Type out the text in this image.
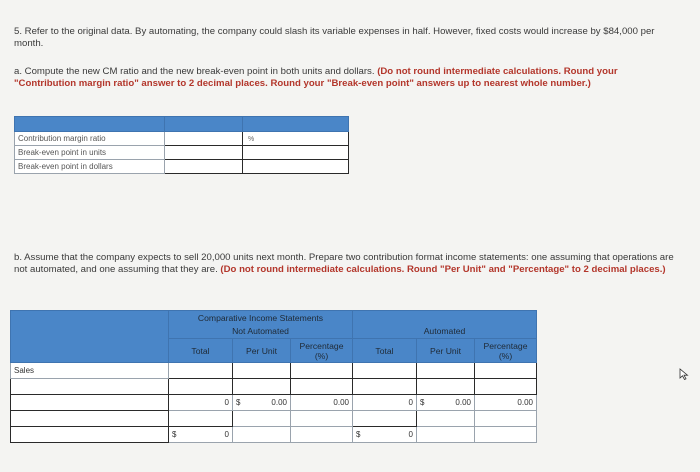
5. Refer to the original data. By automating, the company could slash its variable expenses in half. However, fixed costs would increase by $84,000 per month.
a. Compute the new CM ratio and the new break-even point in both units and dollars. (Do not round intermediate calculations. Round your "Contribution margin ratio" answer to 2 decimal places. Round your "Break-even point" answers up to nearest whole number.)

Contribution margin ratio		%
Break-even point in units		
Break-even point in dollars		
b. Assume that the company expects to sell 20,000 units next month. Prepare two contribution format income statements: one assuming that operations are not automated, and one assuming that they are. (Do not round intermediate calculations. Round "Per Unit" and "Percentage" to 2 decimal places.)
	Comparative Income Statements					
	Not Automated			Automated		
	Total	Per Unit	Percentage (%)	Total	Per Unit	Percentage (%)
Sales						

	0	$ 0.00	0.00	0	$ 0.00	0.00

	$ 0			$ 0		
